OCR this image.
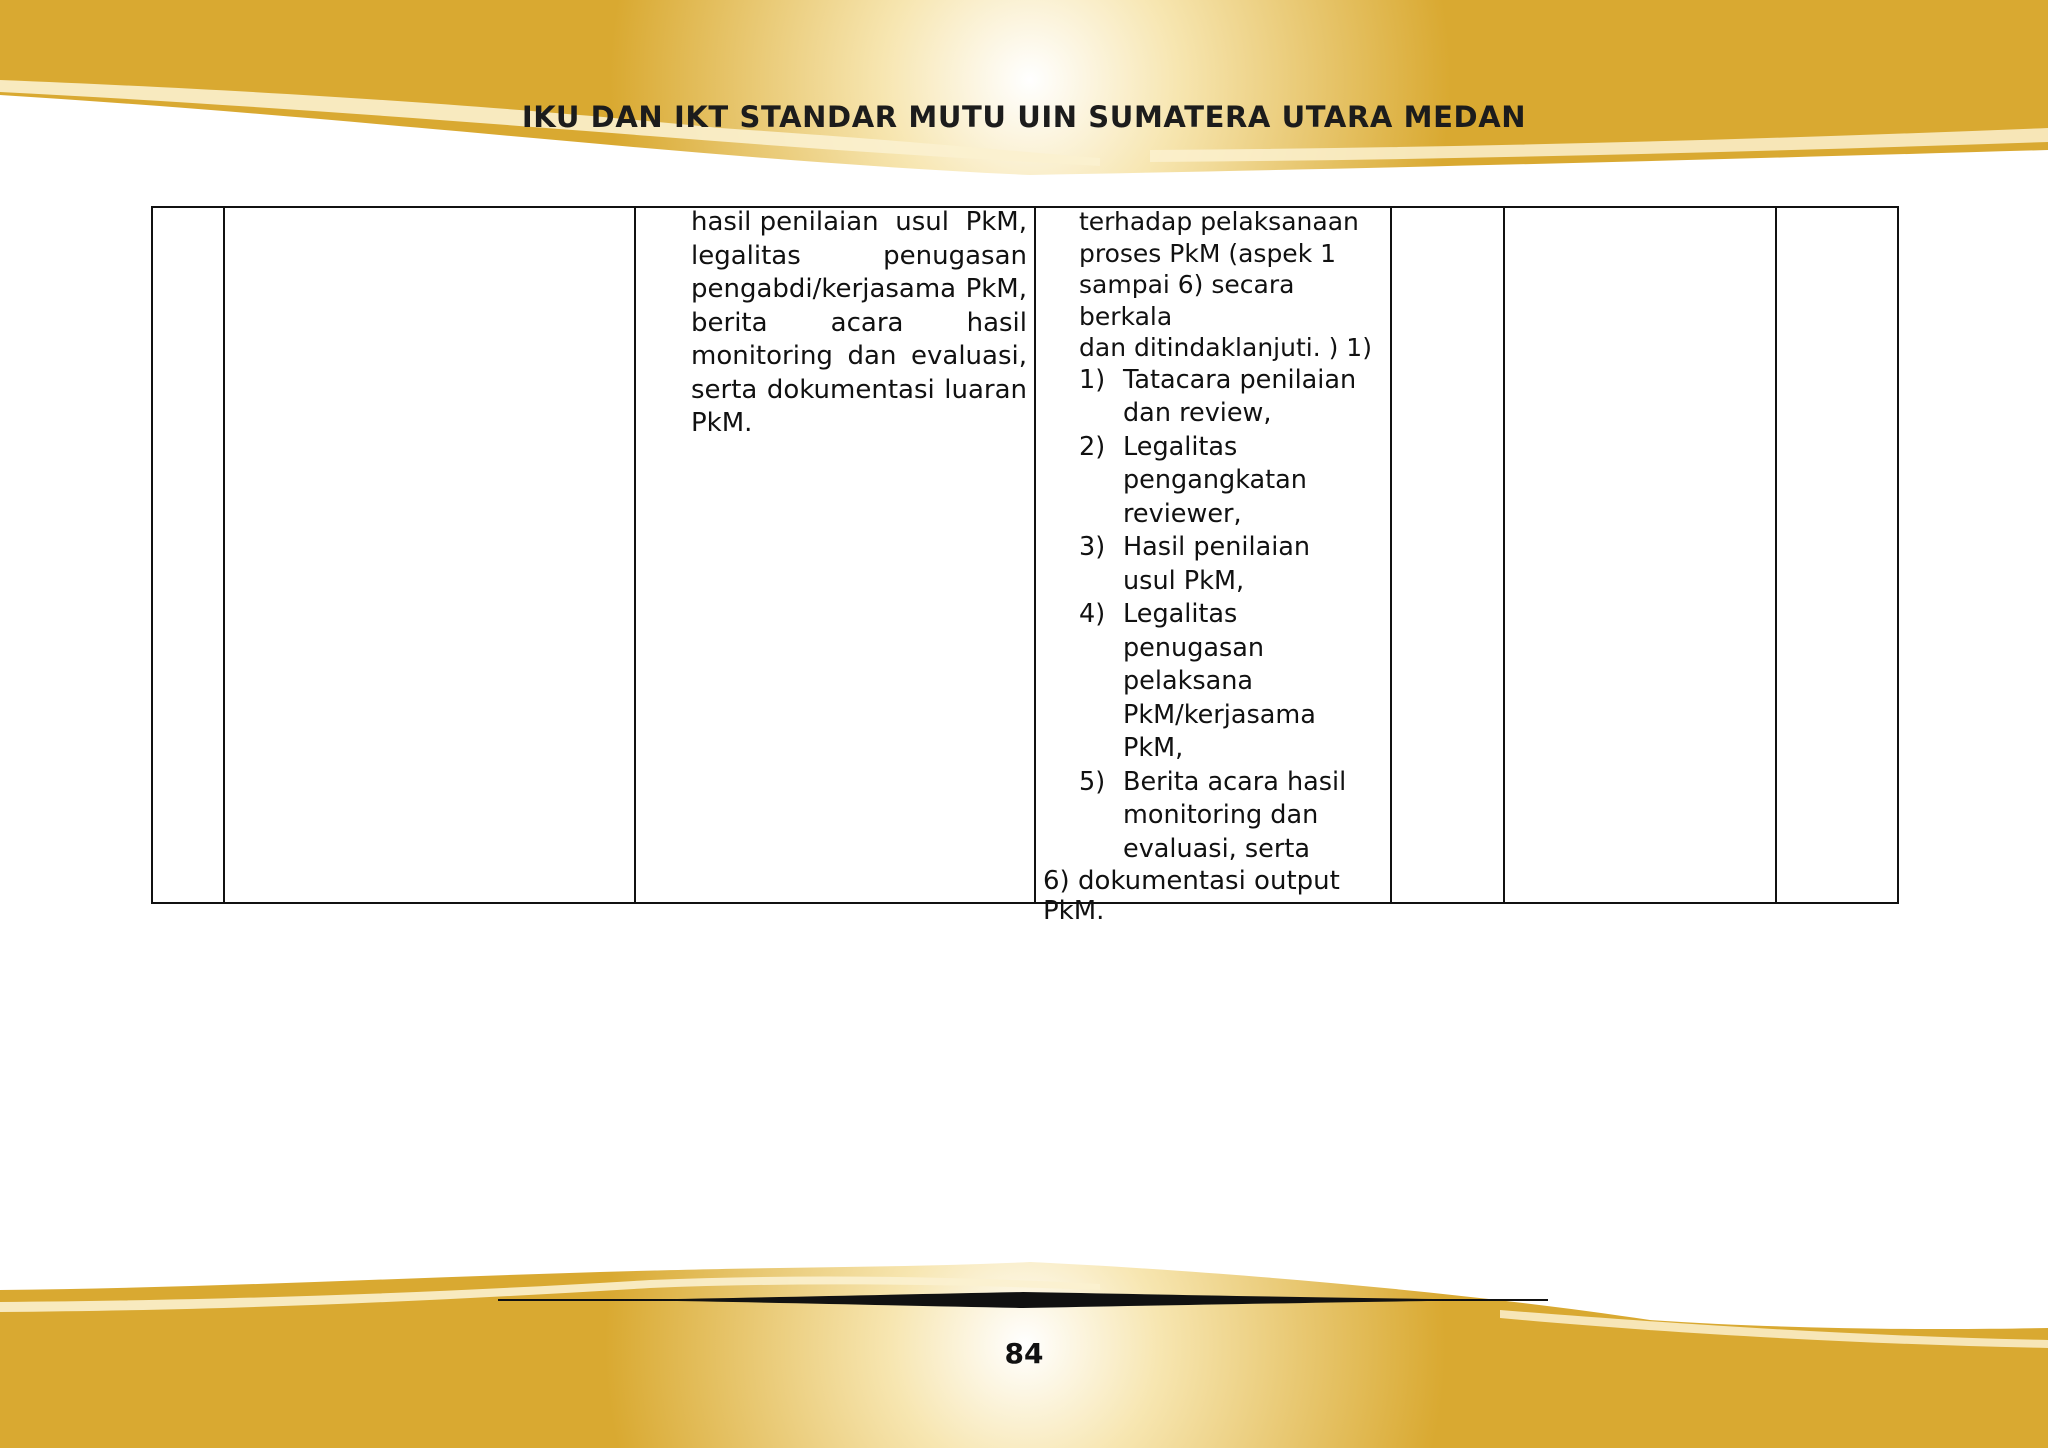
IKU DAN IKT STANDAR MUTU UIN SUMATERA UTARA MEDAN
hasil penilaian usul PkM,
legalitas	penugasan
pengabdi/kerjasama PkM,
berita acara hasil
monitoring dan evaluasi,
serta dokumentasi luaran
PkM.
terhadap pelaksanaan
proses PkM (aspek 1
sampai 6) secara berkala
dan ditindaklanjuti. ) 1)
1) Tatacara penilaian
dan review,
2) Legalitas
pengangkatan
reviewer,
3) Hasil penilaian
usul PkM,
4) Legalitas
penugasan
pelaksana
PkM/kerjasama
PkM,
5) Berita acara hasil
monitoring dan
evaluasi, serta
6) dokumentasi output
PkM.
84
